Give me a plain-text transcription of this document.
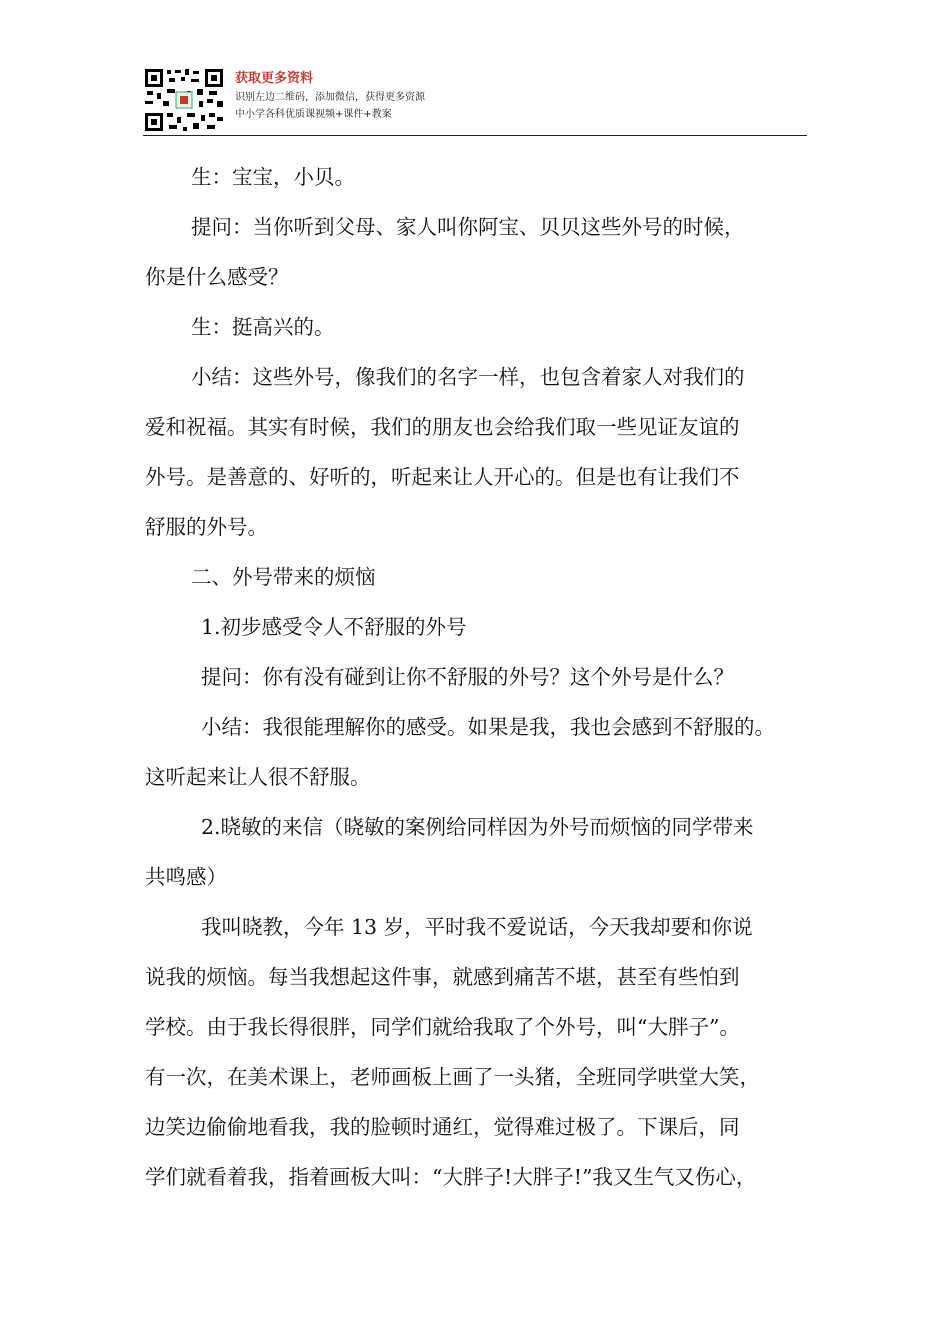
获取更多资料
识别左边二维码，添加微信，获得更多资源
中小学各科优质课视频+课件+教案

生：宝宝，小贝。

提问：当你听到父母、家人叫你阿宝、贝贝这些外号的时候，

你是什么感受？

生：挺高兴的。

小结：这些外号，像我们的名字一样，也包含着家人对我们的

爱和祝福。其实有时候，我们的朋友也会给我们取一些见证友谊的

外号。是善意的、好听的，听起来让人开心的。但是也有让我们不

舒服的外号。

二、外号带来的烦恼

1.初步感受令人不舒服的外号

提问：你有没有碰到让你不舒服的外号？这个外号是什么？

小结：我很能理解你的感受。如果是我，我也会感到不舒服的。

这听起来让人很不舒服。

2.晓敏的来信（晓敏的案例给同样因为外号而烦恼的同学带来

共鸣感）

我叫晓教，今年 13 岁，平时我不爱说话，今天我却要和你说

说我的烦恼。每当我想起这件事，就感到痛苦不堪，甚至有些怕到

学校。由于我长得很胖，同学们就给我取了个外号，叫“大胖子”。

有一次，在美术课上，老师画板上画了一头猪，全班同学哄堂大笑，

边笑边偷偷地看我，我的脸顿时通红，觉得难过极了。下课后，同

学们就看着我，指着画板大叫：“大胖子!大胖子!”我又生气又伤心，
